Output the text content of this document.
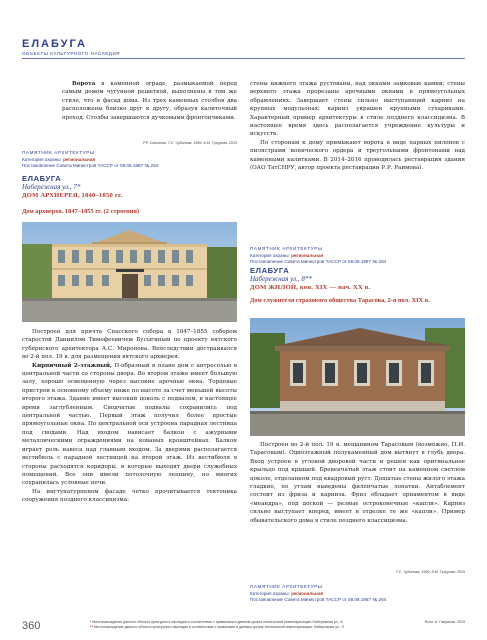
ЕЛАБУГА
ОБЪЕКТЫ КУЛЬТУРНОГО НАСЛЕДИЯ

Ворота в каменной ограде, размыкаемой перед самым домом чугунной решеткой, выполнены в том же стиле, что и фасад дома. Из трех каменных столбов два расположены близко друг к другу, образуя калиточный проход. Столбы завершаются дучковыми фронтончиками.

Р.Р. Салихова, Т.С. Чудинова, 1999; А.М. Тухурова, 2019
ПАМЯТНИК АРХИТЕКТУРЫ
Категория охраны: региональная
Постановление Совета Министров ТАССР от 08.06.1987 № 264
ЕЛАБУГА
Набережная ул., 7*
ДОМ АРХИЕРЕЯ, 1840–1850 гг.
Дом архиерея. 1847–1855 гг. (2 строения)

стены нижнего этажа рустованы, над окнами замковые камни; стены верхнего этажа прорезаны арочными окнами в прямоугольных обрамлениях. Завершает стены сильно выступающий карниз на крупных модульонах; карниз украшен крупными сухариками. Характерный пример архитектуры в стиле позднего классицизма. В настоящее время здесь располагается учреждение культуры и искусств.

По сторонам к дому примыкают ворота в виде парных пилонов с пилястрами ионического ордера и треугольными фронтонами над каменными калитками. В 2014–2016 проводилась реставрация здания (ОАО ТатСНРУ, автор проекта реставрации Р.Р. Раимова).

ПАМЯТНИК АРХИТЕКТУРЫ
Категория охраны: региональная
Постановление Совета Министров ТАССР от 08.06.1987 № 264
ЕЛАБУГА
Набережная ул., 8**
ДОМ ЖИЛОЙ, кон. XIX — нач. XX в.
Дом служителя страхового общества Тарасова, 2-я пол. XIX в.

Построен для причта Спасского собора в 1847–1855 собором старостой Даниилом Тимофеевичем Бусыгиным по проекту вятского губернского архитектора А.С. Миронова. Впоследствии достраивался во 2-й пол. 19 в. для размещения вятского архиерея.

Кирпичный 2-этажный, П-образный в плане дом с антресолью в центральной части со стороны двора. Во втором этаже имеет большую залу, хорошо освещенную через высокие арочные окна. Торцевые пристрои к основному объему ниже по высоте за счет меньшей высоты второго этажа. Здание имеет высокий цоколь с подвалом, в настоящее время заглубленным. Сводчатые подвалы сохранились под центральной частью. Первый этаж получил более простые прямоугольные окна. По центральной оси устроена парадная лестница под сводами. Над входом нависает балкон с ажурными металлическими ограждениями на кованых кронштейнах. Балкон играет роль навеса над главным входом. За дверями располагается вестибюль с парадной лестницей на второй этаж. Из вестибюля в стороны расходятся коридоры, в которые выходят двери служебных помещений. Все они имели потолочную лепнину, но многих сохранилась условные печи.

На ингтунатурпеном фасаде четко прочитывается тектоника сооружения позднего классицизма:

Построен во 2-й пол. 19 в. мещанином Тарасовым (возможно, П.И. Тарасовым). Одноэтажный полукаменный дом вытянут в глубь двора. Вход устроен в угловой дворовой части и решен как оригинальное крыльцо под крышей. Бревенчатый этаж стоит на каменном светлом цоколе, отделанном под квадровый руст. Дощатые стены жилого этажа гладкие, по углам выведены филенчатые лопатки. Антаблемент состоит из фриза и карниза. Фриз обладает орнаментом в виде «меандра», под доской — резные остроконечные «капли». Карниз сильно выступает вперед, имеет в отделке те же «капли». Пример обывательского дома в стиле позднего классицизма.

Т.С. Чудинова, 1999; А.М. Тухурова, 2019
ПАМЯТНИК АРХИТЕКТУРЫ
Категория охраны: региональная
Постановление Совета Министров ТАССР от 08.06.1987 № 264
360	* Местонахождение данного объекта культурного наследия в соответствии с правилами в данным органа технической инвентаризации: Набережная ул., 8.
** Местонахождение данного объекта культурного наследия в соответствии с правилами в данным органа технической инвентаризации: Набережная ул., 9.
Фото: А. Гаврилов, 2019
